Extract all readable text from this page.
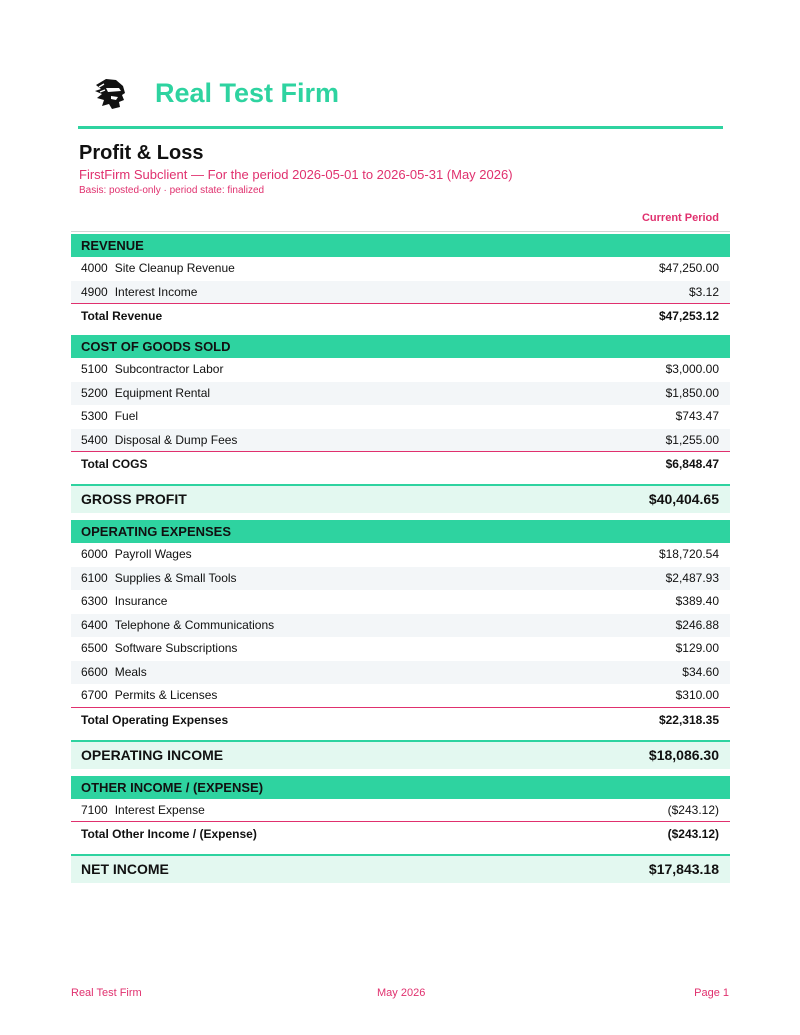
Real Test Firm
Profit & Loss
FirstFirm Subclient — For the period 2026-05-01 to 2026-05-31 (May 2026)
Basis: posted-only · period state: finalized
Current Period
REVENUE
4000 Site Cleanup Revenue	$47,250.00
4900 Interest Income	$3.12
Total Revenue	$47,253.12
COST OF GOODS SOLD
5100 Subcontractor Labor	$3,000.00
5200 Equipment Rental	$1,850.00
5300 Fuel	$743.47
5400 Disposal & Dump Fees	$1,255.00
Total COGS	$6,848.47
GROSS PROFIT	$40,404.65
OPERATING EXPENSES
6000 Payroll Wages	$18,720.54
6100 Supplies & Small Tools	$2,487.93
6300 Insurance	$389.40
6400 Telephone & Communications	$246.88
6500 Software Subscriptions	$129.00
6600 Meals	$34.60
6700 Permits & Licenses	$310.00
Total Operating Expenses	$22,318.35
OPERATING INCOME	$18,086.30
OTHER INCOME / (EXPENSE)
7100 Interest Expense	($243.12)
Total Other Income / (Expense)	($243.12)
NET INCOME	$17,843.18
Real Test Firm	May 2026	Page 1
